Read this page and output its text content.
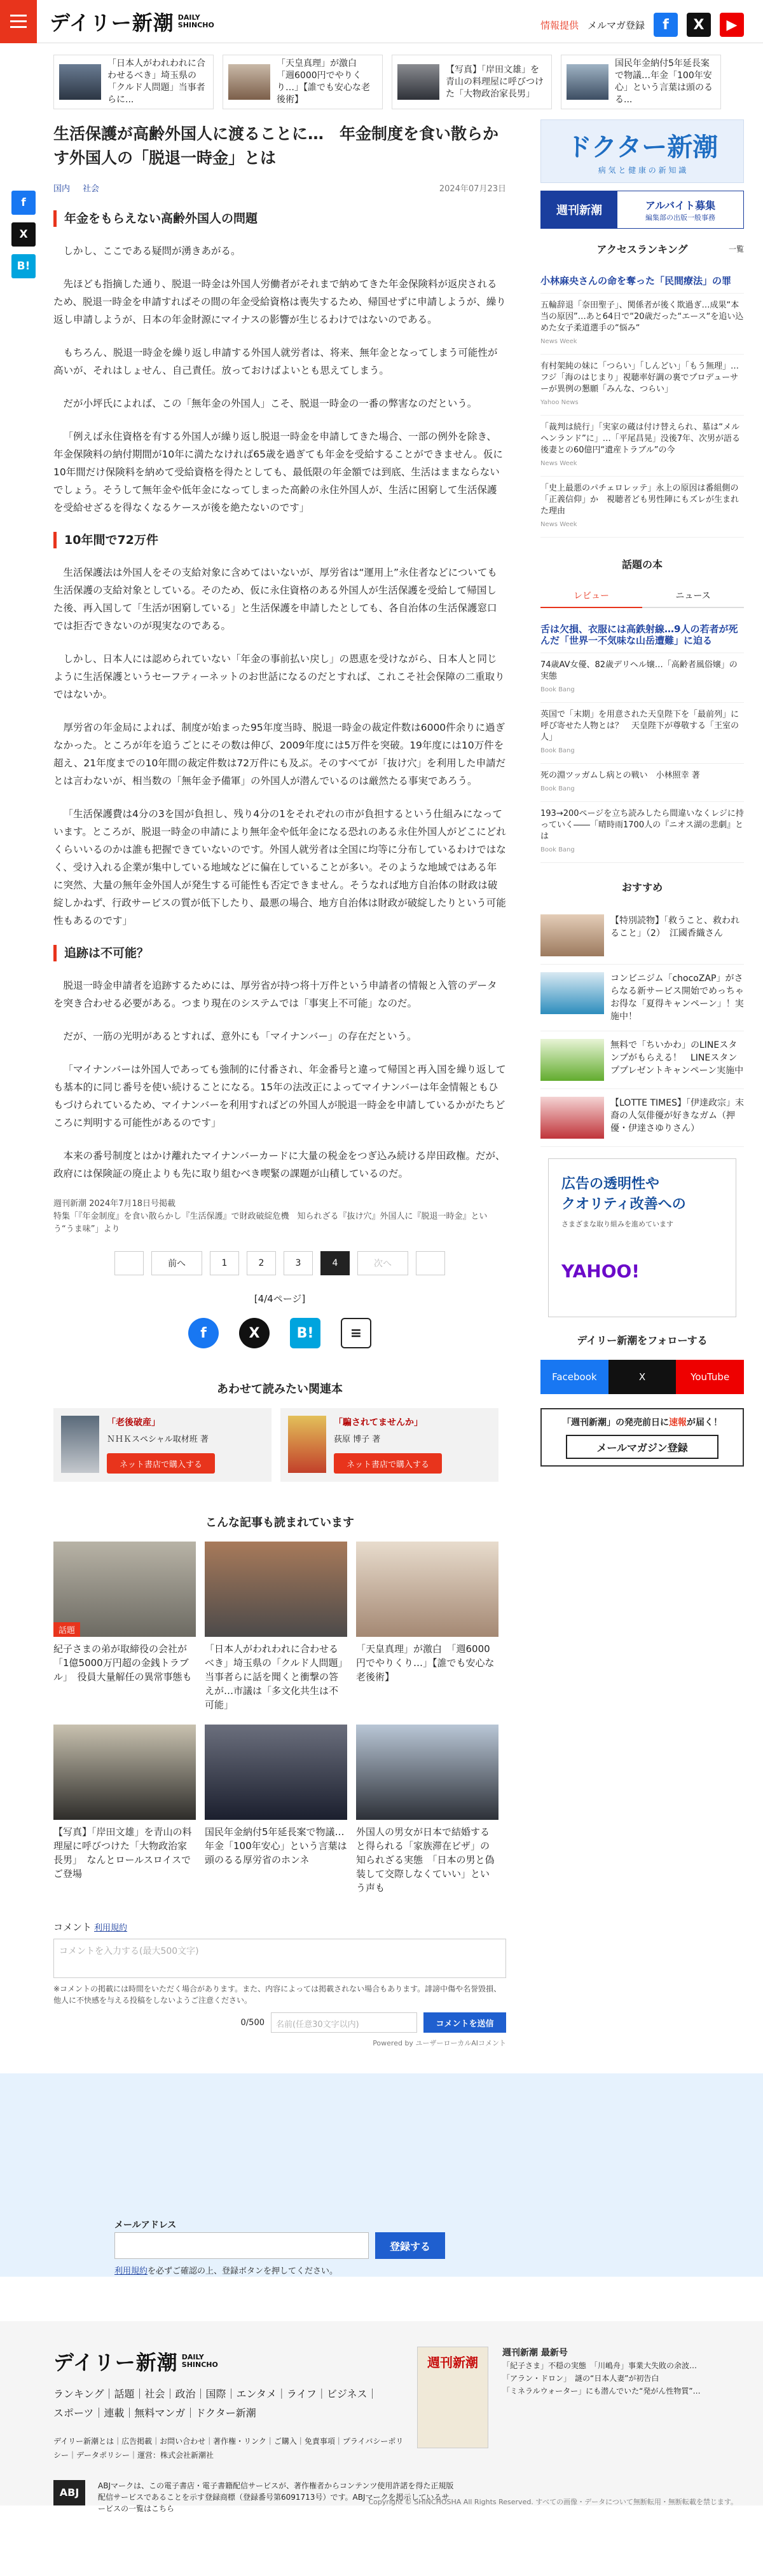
デイリー新潮 DAILY
SHINCHO	情報提供 メルマガ登録	f	X	▶
「日本人がわれわれに合わせるべき」埼玉県の「クルド人問題」当事者らに...
「天皇真理」が激白　「週6000円でやりくり…」【誰でも安心な老後術】
【写真】「岸田文雄」を青山の料理屋に呼びつけた「大物政治家長男」
国民年金納付5年延長案で物議…年金「100年安心」という言葉は頭のるる...
f
X
B!
生活保護が高齢外国人に渡ることに…　年金制度を食い散らかす外国人の「脱退一時金」とは
国内 社会	2024年07月23日
年金をもらえない高齢外国人の問題

しかし、ここである疑問が湧きあがる。

先ほども指摘した通り、脱退一時金は外国人労働者がそれまで納めてきた年金保険料が返戻されるため、脱退一時金を申請すればその間の年金受給資格は喪失するため、帰国せずに申請しようが、繰り返し申請しようが、日本の年金財源にマイナスの影響が生じるわけではないのである。

もちろん、脱退一時金を繰り返し申請する外国人就労者は、将来、無年金となってしまう可能性が高いが、それはしょせん、自己責任。放っておけばよいとも思えてしまう。

だが小坪氏によれば、この「無年金の外国人」こそ、脱退一時金の一番の弊害なのだという。

「例えば永住資格を有する外国人が繰り返し脱退一時金を申請してきた場合、一部の例外を除き、年金保険料の納付期間が10年に満たなければ65歳を過ぎても年金を受給することができません。仮に10年間だけ保険料を納めて受給資格を得たとしても、最低限の年金額では到底、生活はままならないでしょう。そうして無年金や低年金になってしまった高齢の永住外国人が、生活に困窮して生活保護を受給せざるを得なくなるケースが後を絶たないのです」

10年間で72万件

生活保護法は外国人をその支給対象に含めてはいないが、厚労省は“運用上”永住者などについても生活保護の支給対象としている。そのため、仮に永住資格のある外国人が生活保護を受給して帰国した後、再入国して「生活が困窮している」と生活保護を申請したとしても、各自治体の生活保護窓口では拒否できないのが現実なのである。

しかし、日本人には認められていない「年金の事前払い戻し」の恩恵を受けながら、日本人と同じように生活保護というセーフティーネットのお世話になるのだとすれば、これこそ社会保障の二重取りではないか。

厚労省の年金局によれば、制度が始まった95年度当時、脱退一時金の裁定件数は6000件余りに過ぎなかった。ところが年を追うごとにその数は伸び、2009年度には5万件を突破。19年度には10万件を超え、21年度までの10年間の裁定件数は72万件にも及ぶ。そのすべてが「抜け穴」を利用した申請だとは言わないが、相当数の「無年金予備軍」の外国人が潜んでいるのは厳然たる事実であろう。

「生活保護費は4分の3を国が負担し、残り4分の1をそれぞれの市が負担するという仕組みになっています。ところが、脱退一時金の申請により無年金や低年金になる恐れのある永住外国人がどこにどれくらいいるのかは誰も把握できていないのです。外国人就労者は全国に均等に分布しているわけではなく、受け入れる企業が集中している地域などに偏在していることが多い。そのような地域ではある年に突然、大量の無年金外国人が発生する可能性も否定できません。そうなれば地方自治体の財政は破綻しかねず、行政サービスの質が低下したり、最悪の場合、地方自治体は財政が破綻したりという可能性もあるのです」

追跡は不可能？

脱退一時金申請者を追跡するためには、厚労省が持つ将十万件という申請者の情報と入管のデータを突き合わせる必要がある。つまり現在のシステムでは「事実上不可能」なのだ。

だが、一筋の光明があるとすれば、意外にも「マイナンバー」の存在だという。

「マイナンバーは外国人であっても強制的に付番され、年金番号と違って帰国と再入国を繰り返しても基本的に同じ番号を使い続けることになる。15年の法改正によってマイナンバーは年金情報ともひもづけられているため、マイナンバーを利用すればどの外国人が脱退一時金を申請しているかがたちどころに判明する可能性があるのです」

本来の番号制度とはかけ離れたマイナンバーカードに大量の税金をつぎ込み続ける岸田政権。だが、政府には保険証の廃止よりも先に取り組むべき喫緊の課題が山積しているのだ。

週刊新潮 2024年7月18日号掲載
特集「『年金制度』を食い散らかし『生活保護』で財政破綻危機　知られざる『抜け穴』外国人に『脱退一時金』という“うま味”」より
前へ	1	2	3	4	次へ
[4/4ページ]
f	X	B!	≡
あわせて読みたい関連本
「老後破産」
ＮＨＫスペシャル取材班 著
ネット書店で購入する
「騙されてませんか」
荻原 博子 著
ネット書店で購入する
こんな記事も読まれています
話題
紀子さまの弟が取締役の会社が「1億5000万円超の金銭トラブル」　役員大量解任の異常事態も
「日本人がわれわれに合わせるべき」埼玉県の「クルド人問題」当事者らに話を聞くと衝撃の答えが…市議は「多文化共生は不可能」
「天皇真理」が激白　「週6000円でやりくり…」【誰でも安心な老後術】
【写真】「岸田文雄」を青山の料理屋に呼びつけた「大物政治家長男」　なんとロールスロイスでご登場
国民年金納付5年延長案で物議…年金「100年安心」という言葉は頭のるる厚労省のホンネ
外国人の男女が日本で結婚すると得られる「家族滞在ビザ」の知られざる実態　「日本の男と偽装して交際しなくていい」という声も
コメント 利用規約
コメントを入力する(最大500文字)
※コメントの掲載には時間をいただく場合があります。また、内容によっては掲載されない場合もあります。誹謗中傷や名誉毀損、他人に不快感を与える投稿をしないようご注意ください。
0/500	名前(任意30文字以内)	コメントを送信
Powered by ユーザーローカルAIコメント
ドクター新潮
病 気 と 健 康 の 新 知 識
週刊新潮	アルバイト募集
編集部の出版一般事務
アクセスランキング	一覧
小林麻央さんの命を奪った「民間療法」の罪
五輪辞退「奈田聖子」、関係者が後く欺過ぎ…成果“本当の原因”…あと64日で“20歳だった“エース“を追い込めた女子柔道選手の“悩み“
News Week
有村架純の妹に「つらい」「しんどい」「もう無理」…フジ「海のはじまり」視聴率好調の裏でプロデューサーが異例の懇願「みんな、つらい」
Yahoo News
「裁判は続行」「実家の蔵は付け替えられ、墓は“メルヘンランド”に」…「平尾昌晃」没後7年、次男が語る後妻との60億円“遺産トラブル”の今
News Week
「史上最悪のパチェロレッテ」永上の原因は番組側の「正義信仰」か　視聴者ども男性陣にもズレが生まれた理由
News Week
話題の本
レビュー	ニュース
舌は欠損、衣服には高鉄射線…9人の若者が死んだ「世界一不気味な山岳遭難」に迫る
74歳AV女優、82歳デリヘル嬢…「高齢者風俗嬢」の実態
Book Bang
英国で「末期」を用意された天皇陛下を「最前列」に呼び寄せた人物とは？　天皇陛下が尊敬する「王室の人」
Book Bang
死の淵ツッガムし病との戦い　小林照幸 著
Book Bang
193→200ページを立ち読みしたら間違いなくレジに持っていく――「晴時雨1700人の『ニオス湖の悲劇』とは
Book Bang
おすすめ
【特別読物】「救うこと、救われること」（2）　江國香織さん
コンビニジム「chocoZAP」がさらなる新サービス開始でめっちゃお得な「夏得キャンペーン」！実施中！
無料で「ちいかわ」のLINEスタンプがもらえる！　LINEスタンププレゼントキャンペーン実施中
【LOTTE TIMES】「伊達政宗」末裔の人気俳優が好きなガム（押優・伊達さゆりさん）
広告の透明性や
クオリティ改善への
さまざまな取り組みを進めています
YAHOO!
デイリー新潮をフォローする
Facebook	X	YouTube
「週刊新潮」の発売前日に速報が届く！
メールマガジン登録
メールアドレス
登録する
利用規約を必ずご確認の上、登録ボタンを押してください。
デイリー新潮 DAILY
SHINCHO
ランキング｜話題｜社会｜政治｜国際｜エンタメ｜ライフ｜ビジネス｜スポーツ｜連載｜無料マンガ｜ドクター新潮
デイリー新潮とは｜広告掲載｜お問い合わせ｜著作権・リンク｜ご購入｜免責事項｜プライバシーポリシー｜データポリシー｜運営：株式会社新潮社
週刊新潮
週刊新潮 最新号
「紀子さま」不穏の実態　「川嶋舟」事業大失敗の余波…
「アラン・ドロン」　謎の“日本人妻”が初告白
「ミネラルウォーター」にも潜んでいた“発がん性物質”…
ABJ
ABJマークは、この電子書店・電子書籍配信サービスが、著作権者からコンテンツ使用許諾を得た正規版配信サービスであることを示す登録商標（登録番号第6091713号）です。ABJマークを掲示しているサービスの一覧はこちら
Copyright © SHINCHOSHA All Rights Reserved. すべての画像・データについて無断転用・無断転載を禁じます。
